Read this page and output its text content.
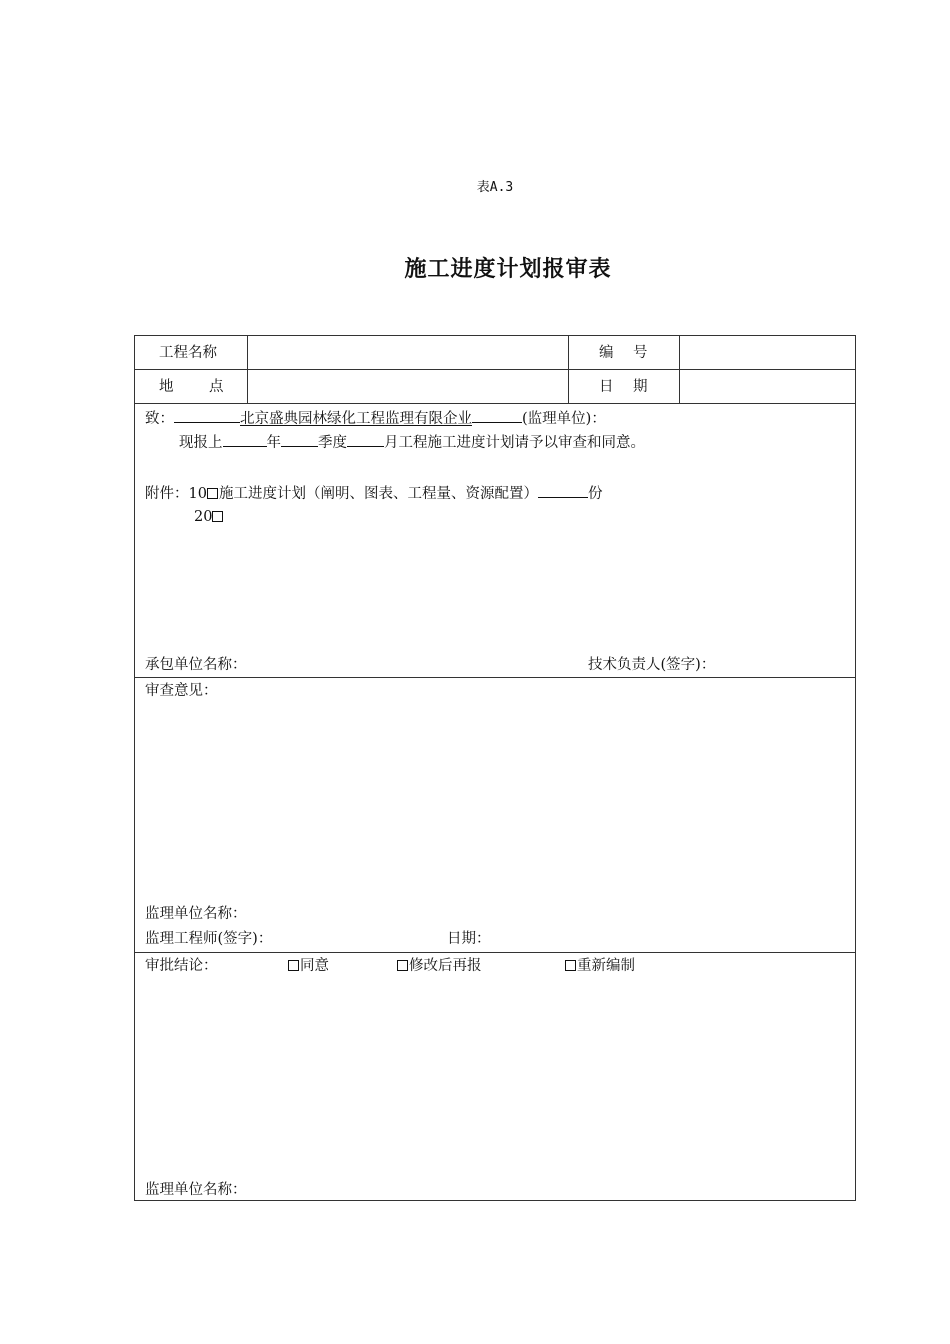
表A.3
施工进度计划报审表
工程名称	编 号
地 点	日 期
致：	北京盛典园林绿化工程监理有限企业	(监理单位)：
现报上	年	季度	月工程施工进度计划请予以审查和同意。
附件：10 施工进度计划（阐明、图表、工程量、资源配置）	份
20
承包单位名称：	技术负责人(签字)：
审查意见：
监理单位名称：
监理工程师(签字)：	日期：
审批结论：	同意	修改后再报	重新编制
监理单位名称：
